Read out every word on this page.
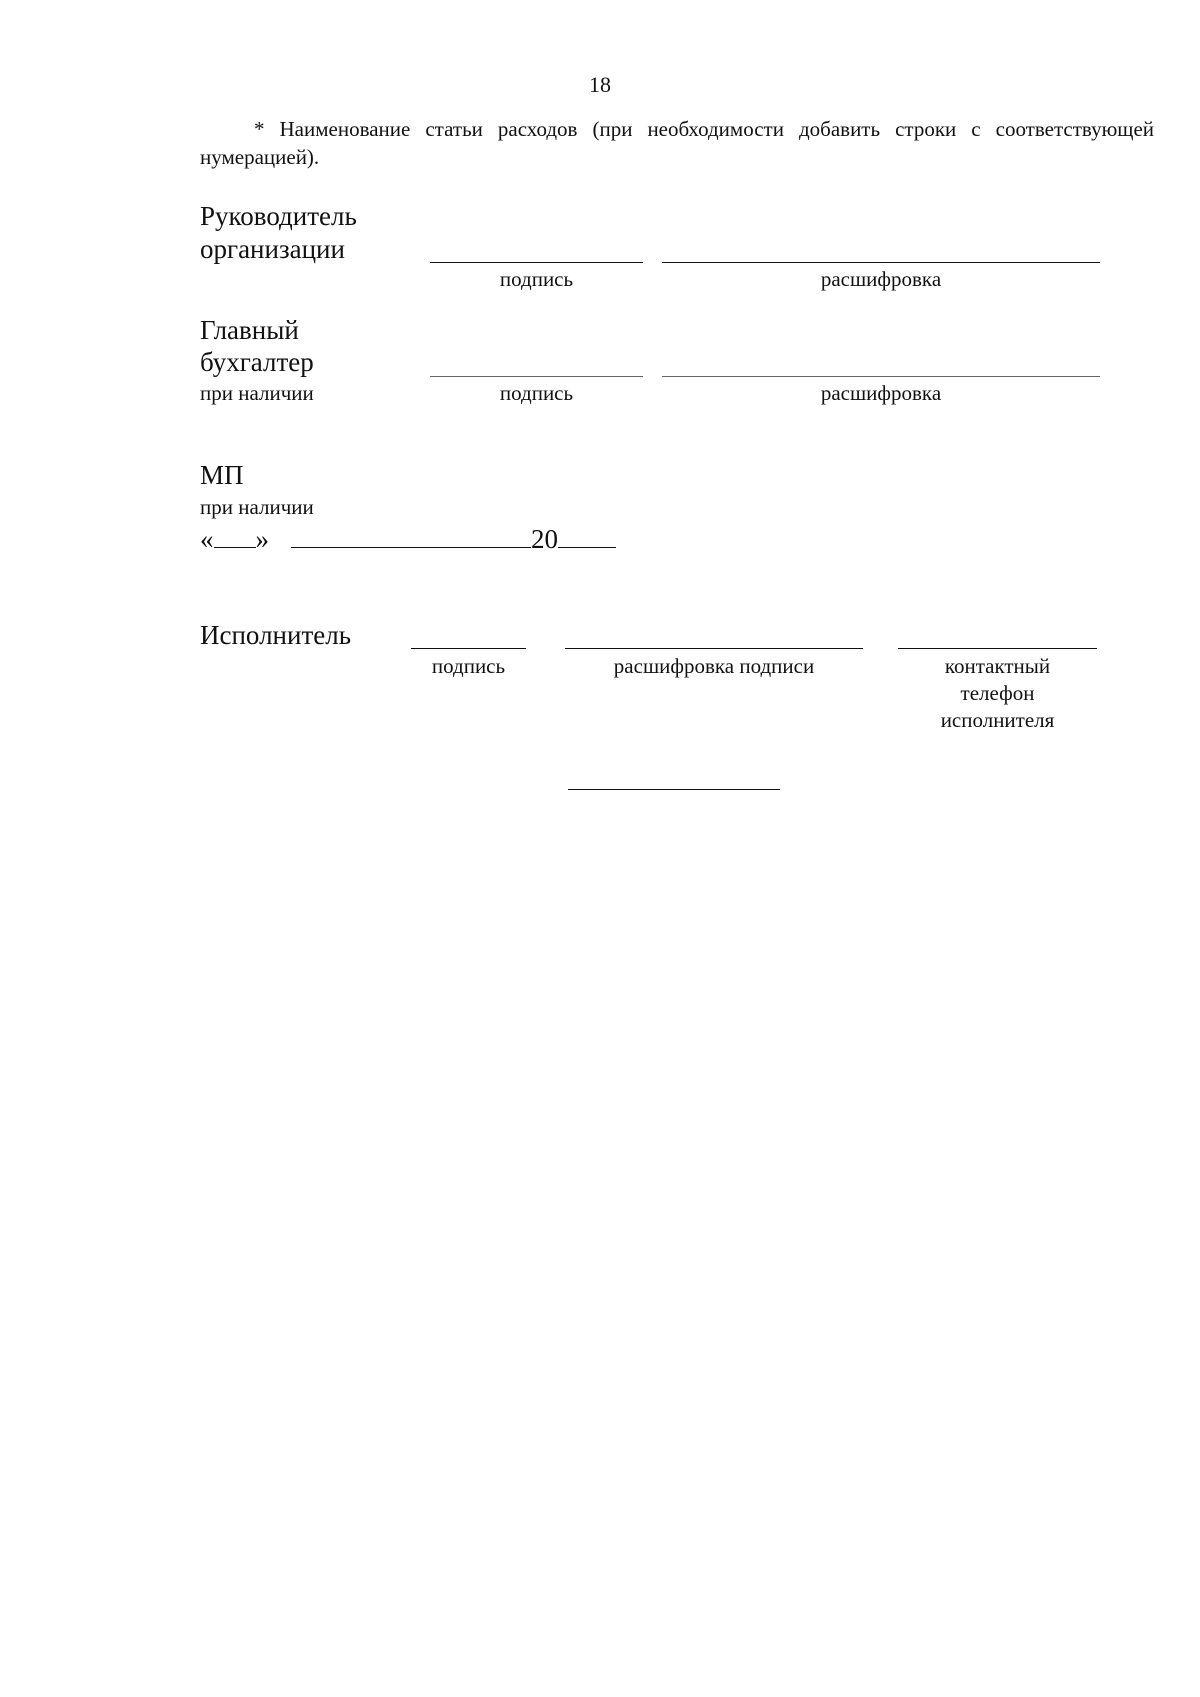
18
* Наименование статьи расходов (при необходимости добавить строки с соответствующей нумерацией).
Руководитель
организации
подпись	расшифровка
Главный
бухгалтер
при наличии	подпись	расшифровка
МП
при наличии
« »	20
Исполнитель
подпись	расшифровка подписи	контактный
телефон
исполнителя
